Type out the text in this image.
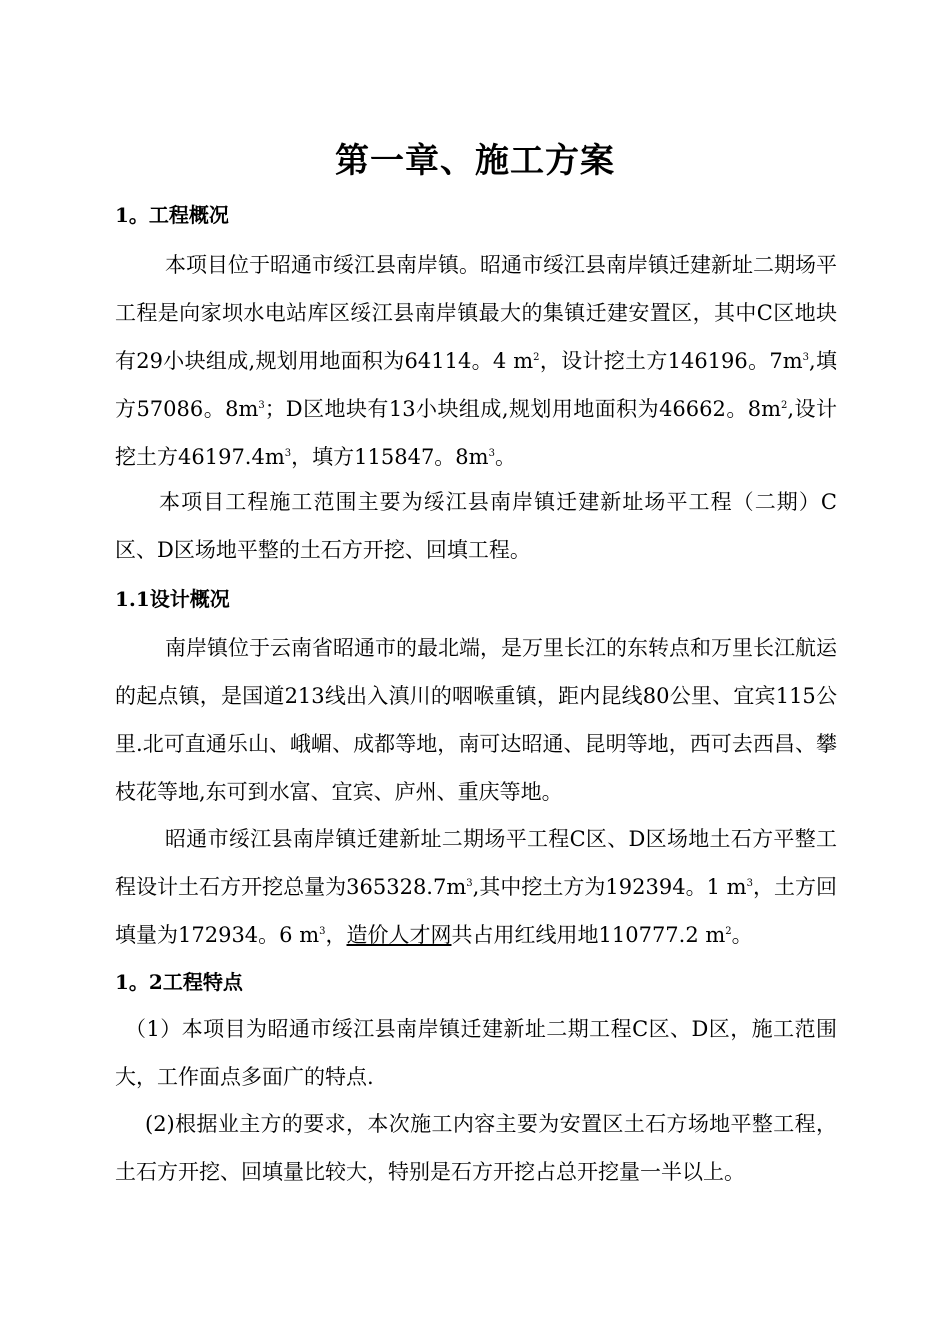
第一章、施工方案
1。工程概况
本项目位于昭通市绥江县南岸镇。昭通市绥江县南岸镇迁建新址二期场平工程是向家坝水电站库区绥江县南岸镇最大的集镇迁建安置区，其中C区地块有29小块组成,规划用地面积为64114。4 $m^2$，设计挖土方146196。$7m^3$,填方57086。$8m^3$；D区地块有13小块组成,规划用地面积为46662。$8m^2$,设计挖土方$46197.4m^3$，填方115847。$8m^3$。
本项目工程施工范围主要为绥江县南岸镇迁建新址场平工程（二期）C区、D区场地平整的土石方开挖、回填工程。
1.1设计概况
南岸镇位于云南省昭通市的最北端，是万里长江的东转点和万里长江航运的起点镇，是国道213线出入滇川的咽喉重镇，距内昆线80公里、宜宾115公里.北可直通乐山、峨嵋、成都等地，南可达昭通、昆明等地，西可去西昌、攀枝花等地,东可到水富、宜宾、庐州、重庆等地。
昭通市绥江县南岸镇迁建新址二期场平工程C区、D区场地土石方平整工程设计土石方开挖总量为$365328.7m^3$,其中挖土方为192394。1 $m^3$，土方回填量为172934。6 $m^3$，造价人才网共占用红线用地110777.2 $m^2$。
1。2工程特点
（1）本项目为昭通市绥江县南岸镇迁建新址二期工程C区、D区，施工范围大，工作面点多面广的特点.
(2)根据业主方的要求，本次施工内容主要为安置区土石方场地平整工程，土石方开挖、回填量比较大，特别是石方开挖占总开挖量一半以上。
